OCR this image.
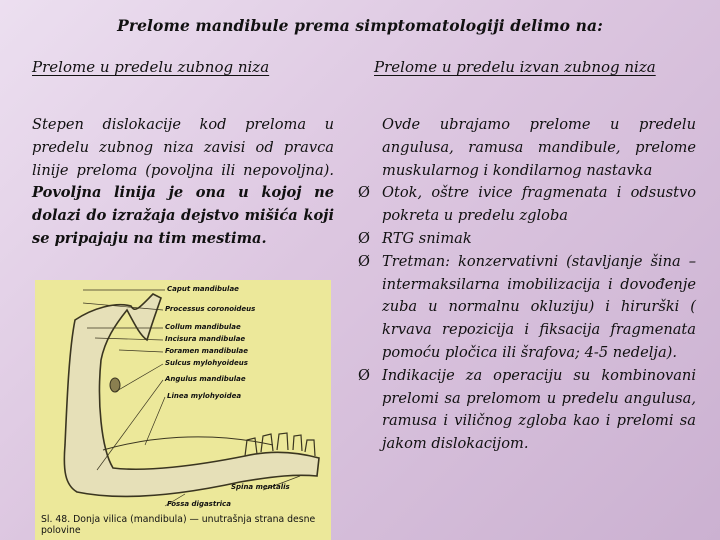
Prelome mandibule prema simptomatologiji delimo na:
Prelome u predelu zubnog niza	Prelome u predelu izvan zubnog niza
Stepen dislokacije kod preloma u predelu zubnog niza zavisi od pravca linije preloma (povoljna ili nepovoljna). Povoljna linija je ona u kojoj ne dolazi do izražaja dejstvo mišića koji se pripajaju na tim mestima.
Ovde ubrajamo prelome u predelu angulusa, ramusa mandibule, prelome muskularnog i kondilarnog nastavka
Ø Otok, oštre ivice fragmenata i odsustvo pokreta u predelu zgloba
Ø RTG snimak
Ø Tretman: konzervativni (stavljanje šina – intermaksilarna imobilizacija i dovođenje zuba u normalnu okluziju) i hirurški ( krvava repozicija i fiksacija fragmenata pomoću pločica ili šrafova; 4-5 nedelja).
Ø Indikacije za operaciju su kombinovani prelomi sa prelomom u predelu angulusa, ramusa i viličnog zgloba kao i prelomi sa jakom dislokacijom.
Caput mandibulae
Processus coronoideus
Collum mandibulae
Incisura mandibulae
Foramen mandibulae
Sulcus mylohyoideus
Angulus mandibulae
Linea mylohyoidea
Fossa digastrica
Spina mentalis
Sl. 48. Donja vilica (mandibula) — unutrašnja strana desne polovine
